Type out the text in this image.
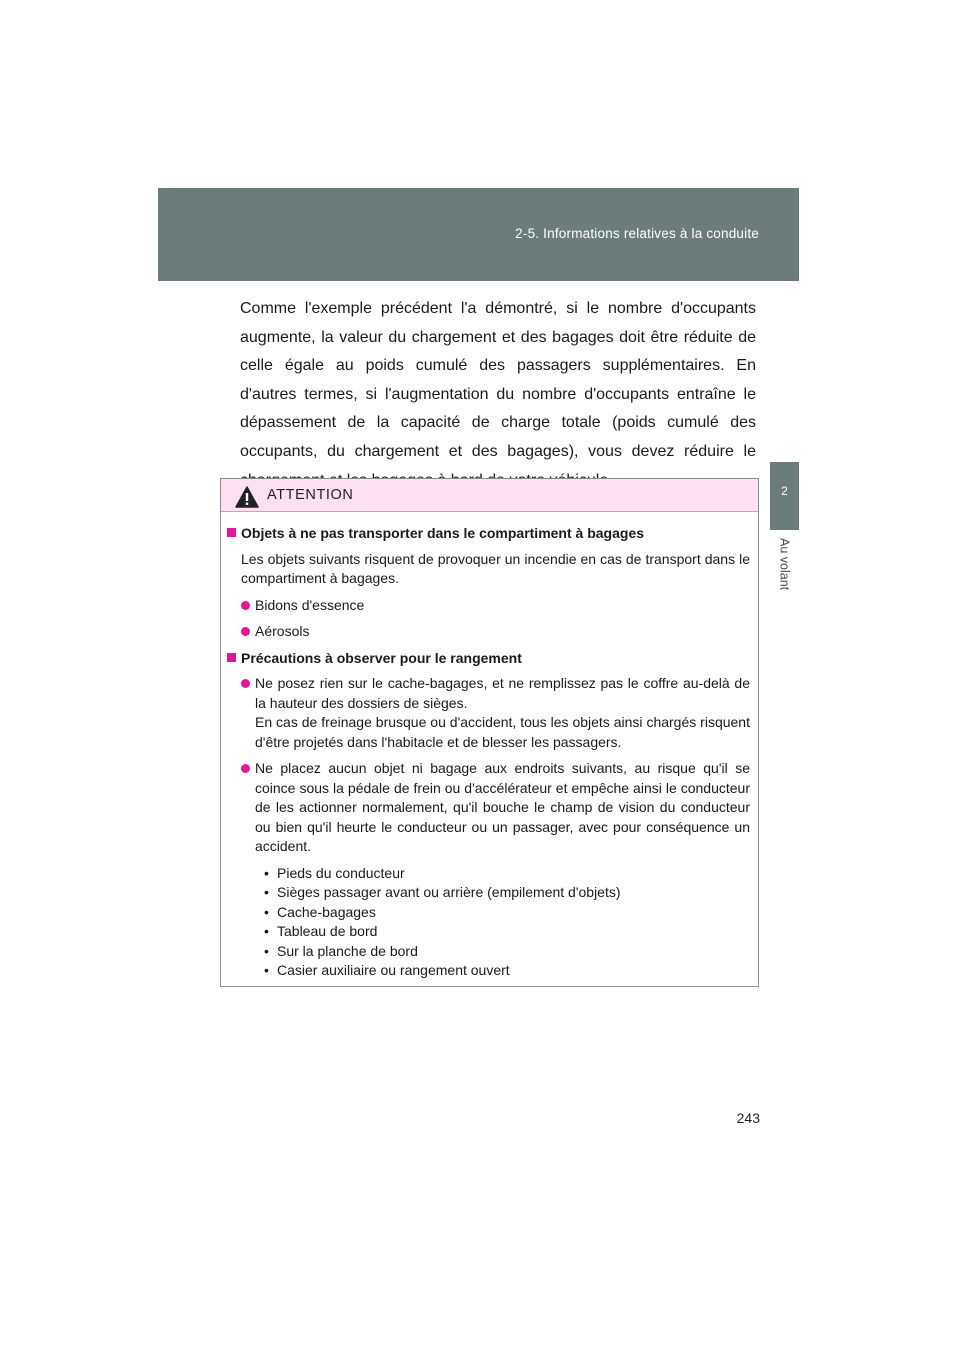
2-5. Informations relatives à la conduite
2
Au volant

Comme l'exemple précédent l'a démontré, si le nombre d'occupants augmente, la valeur du chargement et des bagages doit être réduite de celle égale au poids cumulé des passagers supplémentaires. En d'autres termes, si l'augmentation du nombre d'occupants entraîne le dépassement de la capacité de charge totale (poids cumulé des occupants, du chargement et des bagages), vous devez réduire le

ATTENTION
Objets à ne pas transporter dans le compartiment à bagages

Les objets suivants risquent de provoquer un incendie en cas de transport dans le compartiment à bagages.

Bidons d'essence

Aérosols

Précautions à observer pour le rangement

Ne posez rien sur le cache-bagages, et ne remplissez pas le coffre au-delà de la hauteur des dossiers de sièges.

En cas de freinage brusque ou d'accident, tous les objets ainsi chargés risquent d'être projetés dans l'habitacle et de blesser les passagers.

Ne placez aucun objet ni bagage aux endroits suivants, au risque qu'il se coince sous la pédale de frein ou d'accélérateur et empêche ainsi le conducteur de les actionner normalement, qu'il bouche le champ de vision du conducteur ou bien qu'il heurte le conducteur ou un passager, avec pour conséquence un accident.

• Pieds du conducteur
• Sièges passager avant ou arrière (empilement d'objets)
• Cache-bagages
• Tableau de bord
• Sur la planche de bord
• Casier auxiliaire ou rangement ouvert
243
